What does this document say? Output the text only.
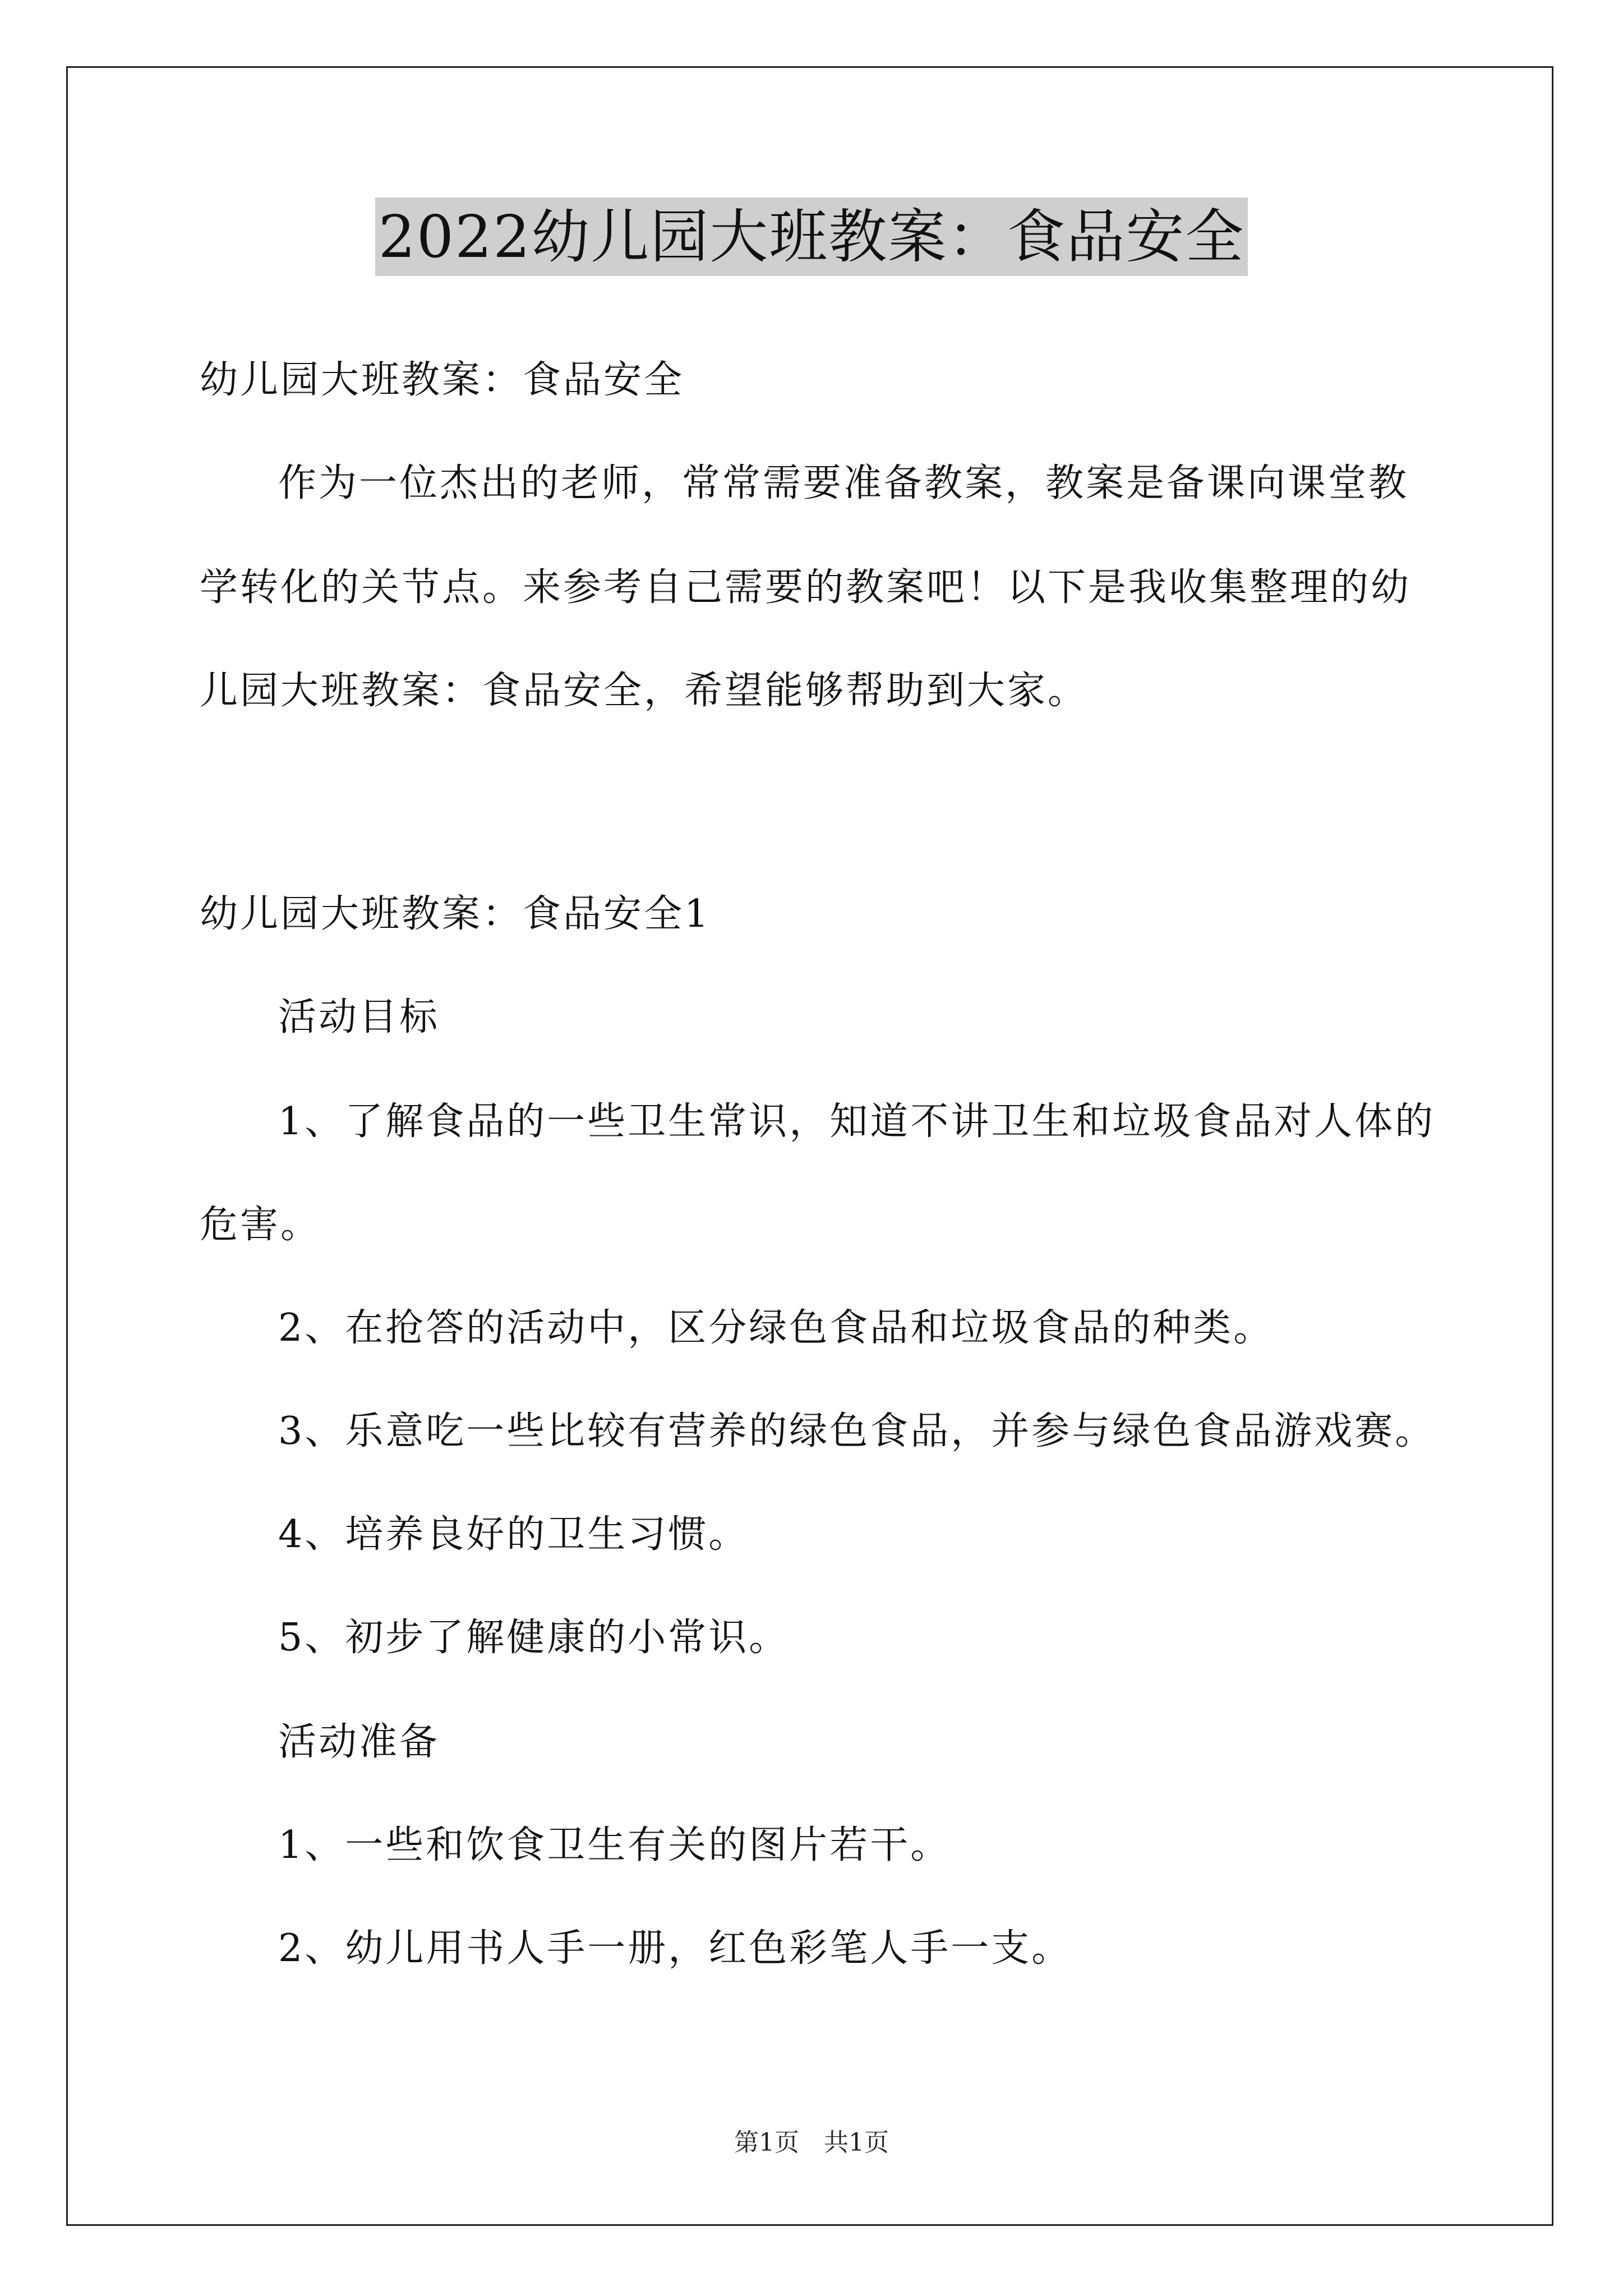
2022幼儿园大班教案：食品安全
幼儿园大班教案：食品安全
作为一位杰出的老师，常常需要准备教案，教案是备课向课堂教
学转化的关节点。来参考自己需要的教案吧！以下是我收集整理的幼
儿园大班教案：食品安全，希望能够帮助到大家。
幼儿园大班教案：食品安全1
活动目标
1、了解食品的一些卫生常识，知道不讲卫生和垃圾食品对人体的
危害。
2、在抢答的活动中，区分绿色食品和垃圾食品的种类。
3、乐意吃一些比较有营养的绿色食品，并参与绿色食品游戏赛。
4、培养良好的卫生习惯。
5、初步了解健康的小常识。
活动准备
1、一些和饮食卫生有关的图片若干。
2、幼儿用书人手一册，红色彩笔人手一支。
第1页　共1页
